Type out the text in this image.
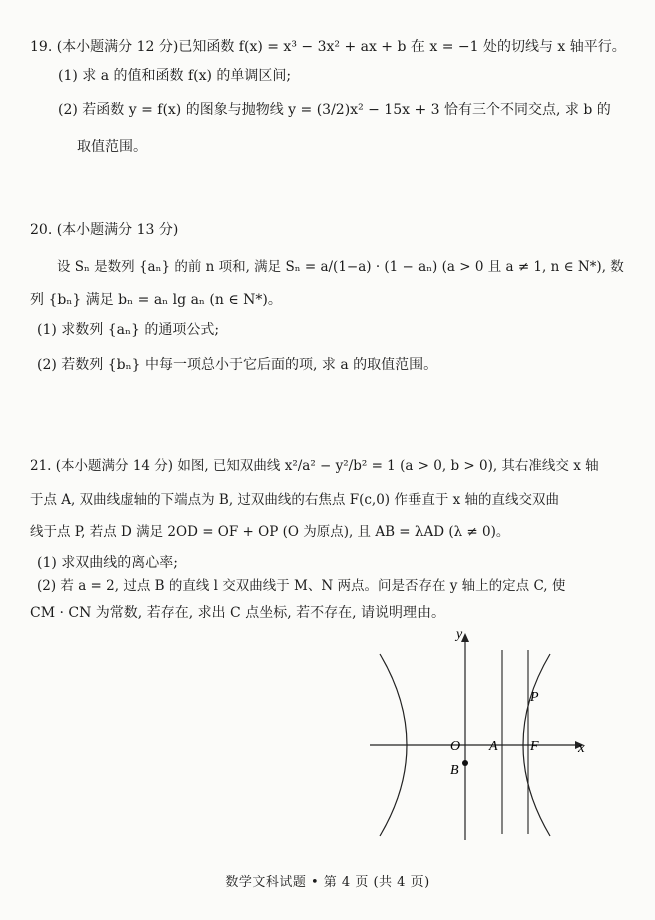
19. (本小题满分 12 分)已知函数 f(x) = x³ − 3x² + ax + b 在 x = −1 处的切线与 x 轴平行。
(1) 求 a 的值和函数 f(x) 的单调区间;
(2) 若函数 y = f(x) 的图象与抛物线 y = (3/2)x² − 15x + 3 恰有三个不同交点, 求 b 的
取值范围。
20. (本小题满分 13 分)
设 Sₙ 是数列 {aₙ} 的前 n 项和, 满足 Sₙ = a/(1−a) · (1 − aₙ) (a > 0 且 a ≠ 1, n ∈ N*), 数
列 {bₙ} 满足 bₙ = aₙ lg aₙ (n ∈ N*)。
(1) 求数列 {aₙ} 的通项公式;
(2) 若数列 {bₙ} 中每一项总小于它后面的项, 求 a 的取值范围。
21. (本小题满分 14 分) 如图, 已知双曲线 x²/a² − y²/b² = 1 (a > 0, b > 0), 其右准线交 x 轴
于点 A, 双曲线虚轴的下端点为 B, 过双曲线的右焦点 F(c,0) 作垂直于 x 轴的直线交双曲
线于点 P, 若点 D 满足 2OD = OF + OP (O 为原点), 且 AB = λAD (λ ≠ 0)。
(1) 求双曲线的离心率;
(2) 若 a = 2, 过点 B 的直线 l 交双曲线于 M、N 两点。问是否存在 y 轴上的定点 C, 使
CM · CN 为常数, 若存在, 求出 C 点坐标, 若不存在, 请说明理由。
y
x
O A F
P
B
数学文科试题 • 第 4 页 (共 4 页)
